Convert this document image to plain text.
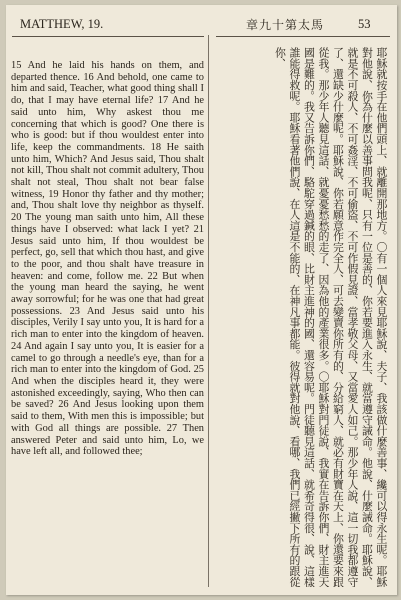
MATTHEW, 19.	章九十第太馬	53

15 And he laid his hands on them, and departed thence. 16 And behold, one came to him and said, Teacher, what good thing shall I do, that I may have eternal life? 17 And he said unto him, Why askest thou me concerning that which is good? One there is who is good: but if thou wouldest enter into life, keep the commandments. 18 He saith unto him, Which? And Jesus said, Thou shalt not kill, Thou shalt not commit adultery, Thou shalt not steal, Thou shalt not bear false witness, 19 Honor thy father and thy mother; and, Thou shalt love thy neighbor as thyself. 20 The young man saith unto him, All these things have I observed: what lack I yet? 21 Jesus said unto him, If thou wouldest be perfect, go, sell that which thou hast, and give to the poor, and thou shalt have treasure in heaven: and come, follow me. 22 But when the young man heard the saying, he went away sorrowful; for he was one that had great possessions. 23 And Jesus said unto his disciples, Verily I say unto you, It is hard for a rich man to enter into the kingdom of heaven. 24 And again I say unto you, It is easier for a camel to go through a needle's eye, than for a rich man to enter into the kingdom of God. 25 And when the disciples heard it, they were astonished exceedingly, saying, Who then can be saved? 26 And Jesus looking upon them said to them, With men this is impossible; but with God all things are possible. 27 Then answered Peter and said unto him, Lo, we have left all, and followed thee;	耶穌就按手在他們頭上、就離開那地方。〇有一個人來見耶穌說、夫子、我該做什麼善事、纔可以得永生呢。耶穌對他說、你為什麼以善事問我呢、只有一位是善的、你若要進入永生、就當遵守誡命。他說、什麼誡命。耶穌說、就是不可殺人、不可姦淫、不可偷盜、不可作假見證、當孝敬父母、又當愛人如己。那少年人說、這一切我都遵守了、還缺少什麼呢。耶穌說、你若願意作完全人、可去變賣你所有的、分給窮人、就必有財寶在天上、你還要來跟從我。那少年人聽見這話、就憂憂愁愁的走了、因為他的產業很多。〇耶穌對門徒說、我實在告訴你們、財主進天國是難的。我又告訴你們、駱駝穿過鍼的眼、比財主進神的國、還容易呢。門徒聽見這話、就希奇得很、說、這樣誰能得救呢。耶穌看著他們說、在人這是不能的、在神凡事都能。彼得就對他說、看哪、我們已經撇下所有的跟從你、
